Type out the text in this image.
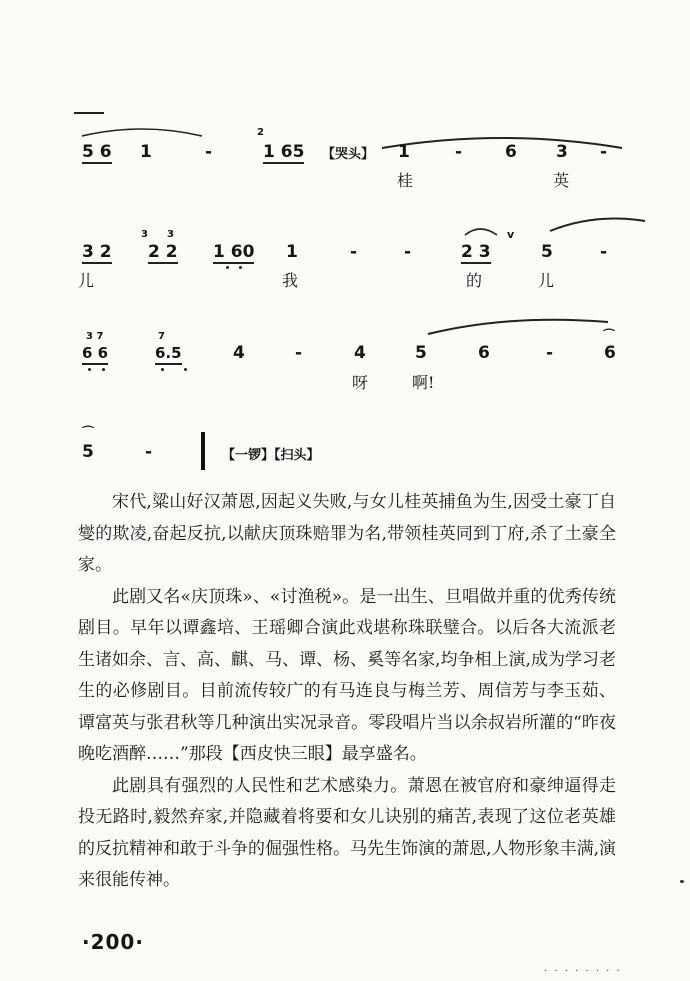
5 6 1	-
2
1 65 【哭头】 1	-	6 3 -
桂	英
3 2
3 3
2 2 1 60 1	-	-	2 3
v
5	-
儿	我	的	儿
3 7
6 6
7
6.5	4	-	4	5	6	-
⌒
6
呀	啊!
⌒
5	-	【一锣】【扫头】

宋代,粱山好汉萧恩,因起义失败,与女儿桂英捕鱼为生,因受土豪丁自燮的欺凌,奋起反抗,以献庆顶珠赔罪为名,带领桂英同到丁府,杀了土豪全家。

此剧又名«庆顶珠»、«讨渔税»。是一出生、旦唱做并重的优秀传统剧目。早年以谭鑫培、王瑶卿合演此戏堪称珠联璧合。以后各大流派老生诸如余、言、高、麒、马、谭、杨、奚等名家,均争相上演,成为学习老生的必修剧目。目前流传较广的有马连良与梅兰芳、周信芳与李玉茹、谭富英与张君秋等几种演出实况录音。零段唱片当以余叔岩所灌的“昨夜晚吃酒醉……”那段【西皮快三眼】最享盛名。

此剧具有强烈的人民性和艺术感染力。萧恩在被官府和豪绅逼得走投无路时,毅然弃家,并隐藏着将要和女儿诀别的痛苦,表现了这位老英雄的反抗精神和敢于斗争的倔强性格。马先生饰演的萧恩,人物形象丰满,演来很能传神。

·200·
. . . . . . . .
